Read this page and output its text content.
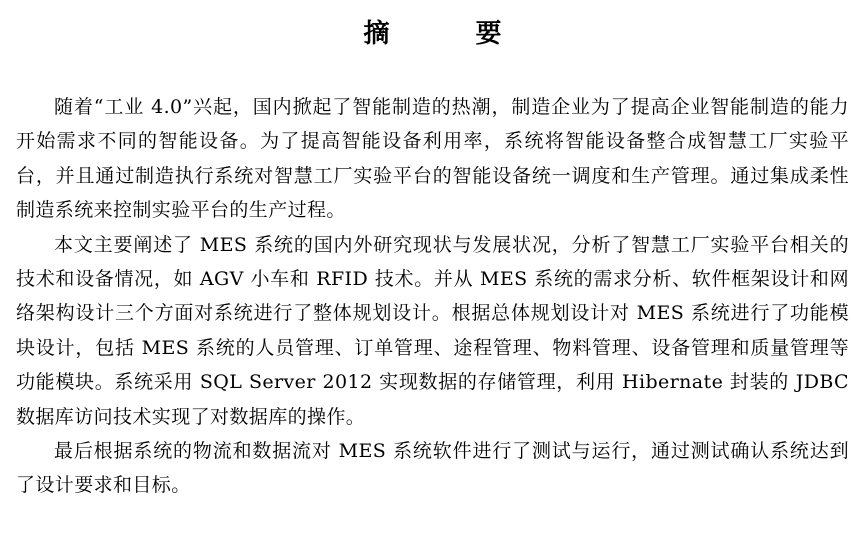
摘　要

随着“工业 4.0”兴起，国内掀起了智能制造的热潮，制造企业为了提高企业智能制造的能力开始需求不同的智能设备。为了提高智能设备利用率，系统将智能设备整合成智慧工厂实验平台，并且通过制造执行系统对智慧工厂实验平台的智能设备统一调度和生产管理。通过集成柔性制造系统来控制实验平台的生产过程。

本文主要阐述了 MES 系统的国内外研究现状与发展状况，分析了智慧工厂实验平台相关的技术和设备情况，如 AGV 小车和 RFID 技术。并从 MES 系统的需求分析、软件框架设计和网络架构设计三个方面对系统进行了整体规划设计。根据总体规划设计对 MES 系统进行了功能模块设计，包括 MES 系统的人员管理、订单管理、途程管理、物料管理、设备管理和质量管理等功能模块。系统采用 SQL Server 2012 实现数据的存储管理，利用 Hibernate 封装的 JDBC 数据库访问技术实现了对数据库的操作。

最后根据系统的物流和数据流对 MES 系统软件进行了测试与运行，通过测试确认系统达到了设计要求和目标。
